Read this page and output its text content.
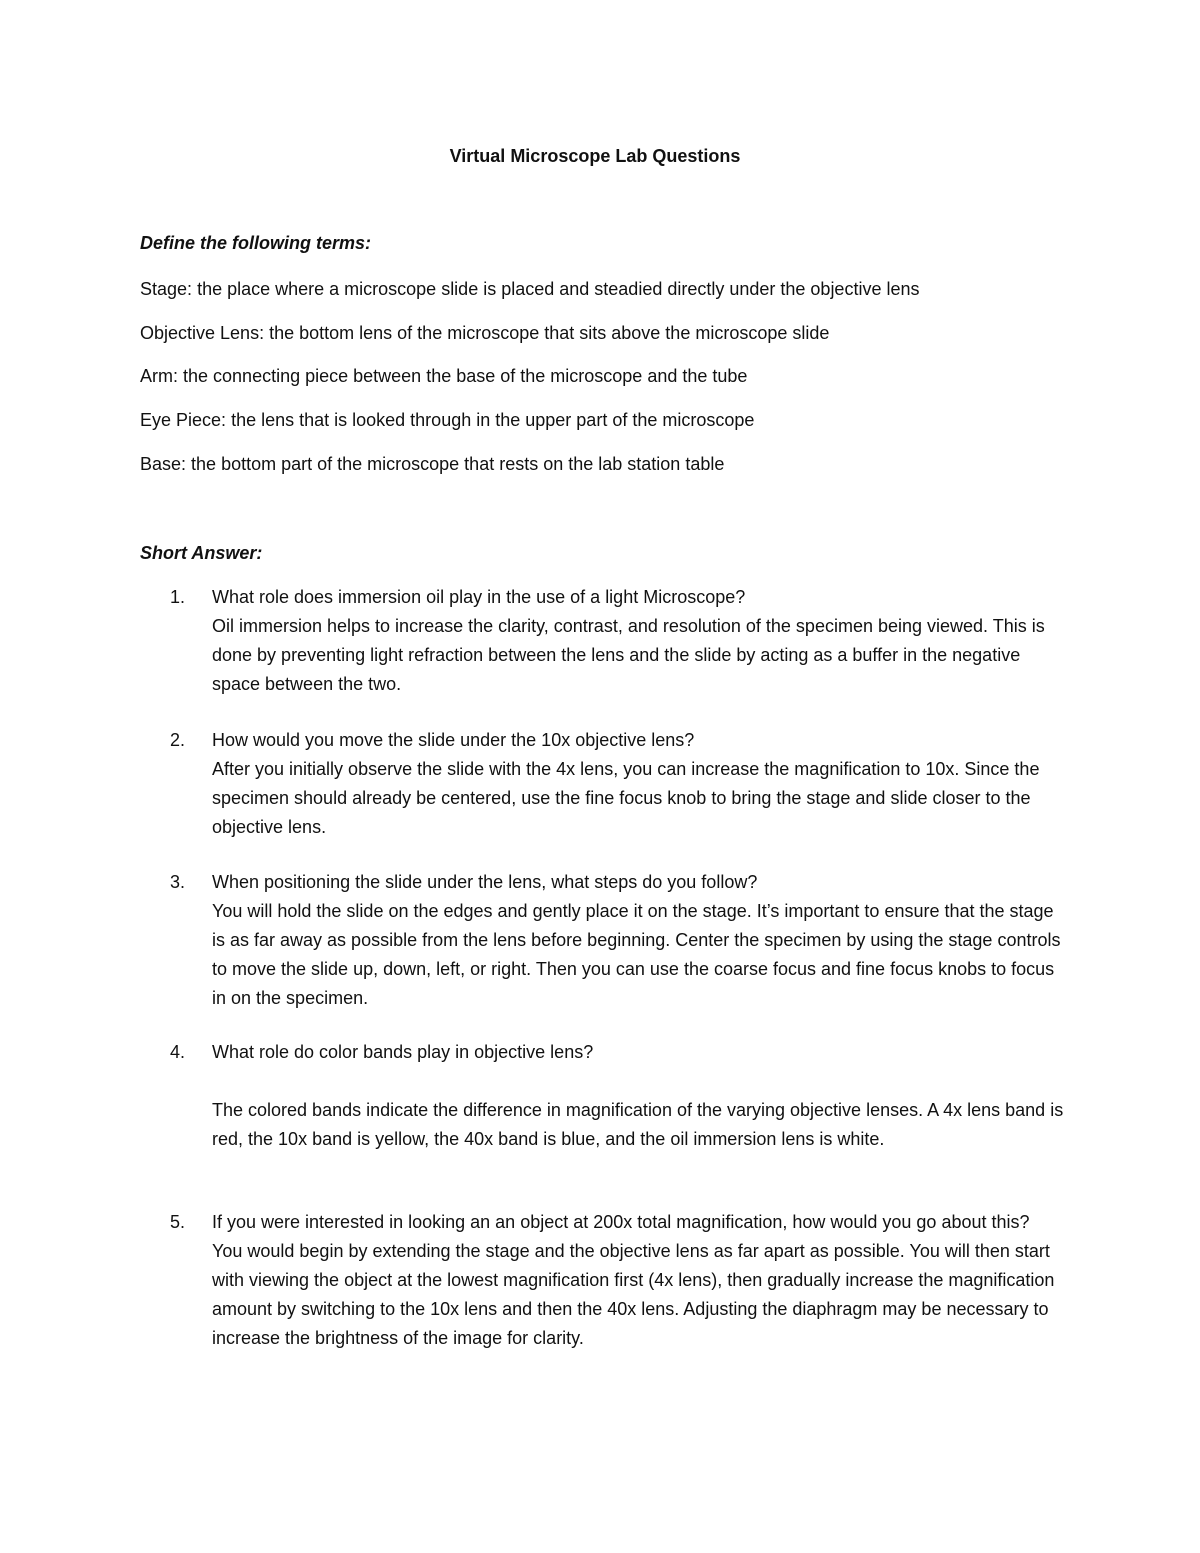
Virtual Microscope Lab Questions
Define the following terms:
Stage: the place where a microscope slide is placed and steadied directly under the objective lens
Objective Lens: the bottom lens of the microscope that sits above the microscope slide
Arm: the connecting piece between the base of the microscope and the tube
Eye Piece: the lens that is looked through in the upper part of the microscope
Base: the bottom part of the microscope that rests on the lab station table
Short Answer:
1. What role does immersion oil play in the use of a light Microscope?
Oil immersion helps to increase the clarity, contrast, and resolution of the specimen being viewed. This is done by preventing light refraction between the lens and the slide by acting as a buffer in the negative space between the two.
2. How would you move the slide under the 10x objective lens?
After you initially observe the slide with the 4x lens, you can increase the magnification to 10x. Since the specimen should already be centered, use the fine focus knob to bring the stage and slide closer to the objective lens.
3. When positioning the slide under the lens, what steps do you follow?
You will hold the slide on the edges and gently place it on the stage. It’s important to ensure that the stage is as far away as possible from the lens before beginning. Center the specimen by using the stage controls to move the slide up, down, left, or right. Then you can use the coarse focus and fine focus knobs to focus in on the specimen.
4. What role do color bands play in objective lens?
The colored bands indicate the difference in magnification of the varying objective lenses. A 4x lens band is red, the 10x band is yellow, the 40x band is blue, and the oil immersion lens is white.
5. If you were interested in looking an an object at 200x total magnification, how would you go about this?
You would begin by extending the stage and the objective lens as far apart as possible. You will then start with viewing the object at the lowest magnification first (4x lens), then gradually increase the magnification amount by switching to the 10x lens and then the 40x lens. Adjusting the diaphragm may be necessary to increase the brightness of the image for clarity.
